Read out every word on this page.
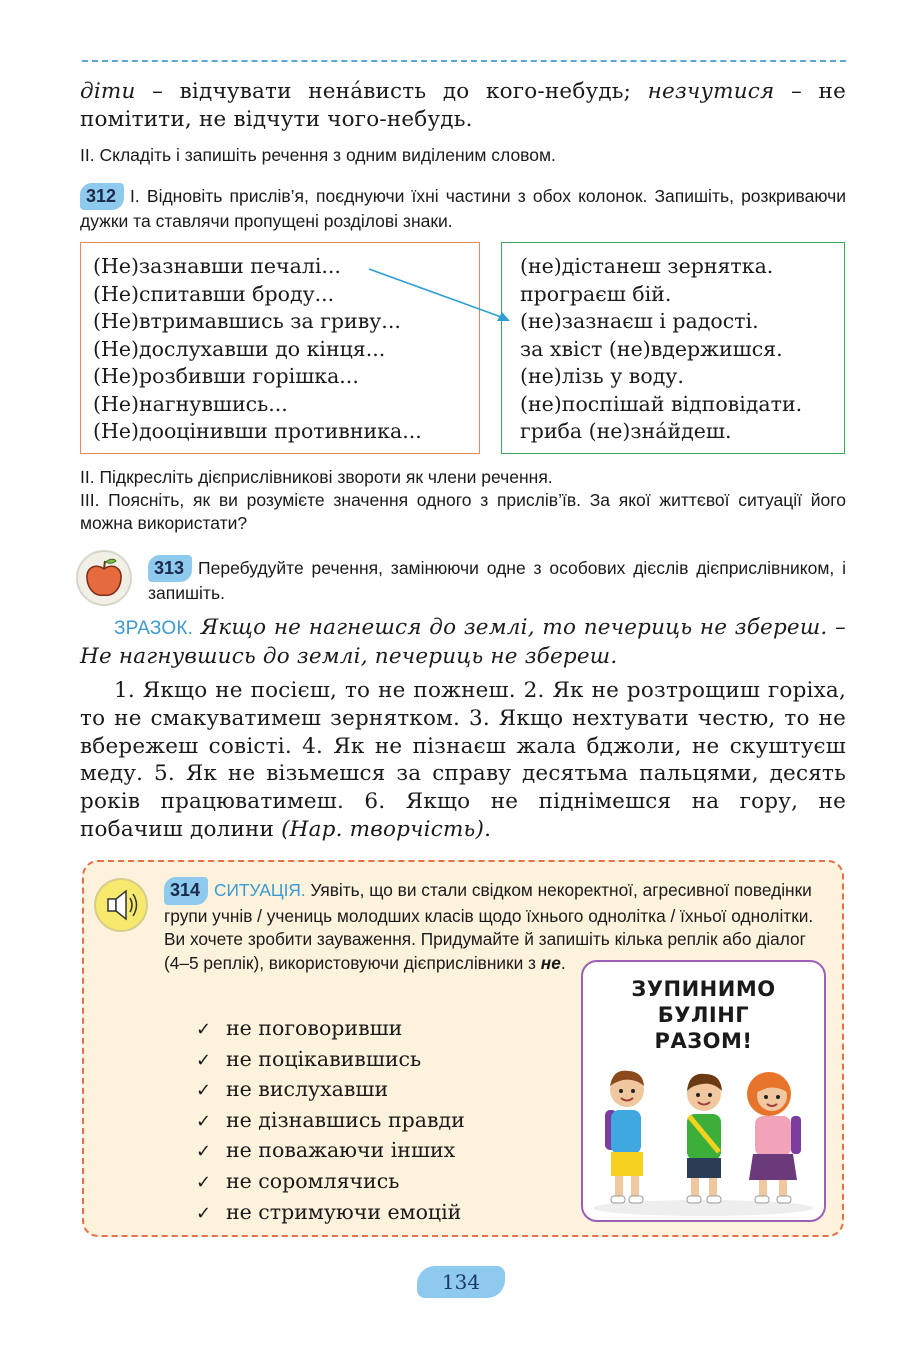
діти – відчувати нена́висть до кого-небудь; незчутися – не помітити, не відчути чого-небудь.
II. Складіть і запишіть речення з одним виділеним словом.
312 I. Відновіть прислів’я, поєднуючи їхні частини з обох колонок. Запишіть, розкриваючи дужки та ставлячи пропущені розділові знаки.
(Не)зазнавши печалі...
(Не)спитавши броду...
(Не)втримавшись за гриву...
(Не)дослухавши до кінця...
(Не)розбивши горішка...
(Не)нагнувшись...
(Не)дооцінивши противника...
(не)дістанеш зернятка.
програєш бій.
(не)зазнаєш і радості.
за хвіст (не)вдержишся.
(не)лізь у воду.
(не)поспішай відповідати.
гриба (не)зна́йдеш.
II. Підкресліть дієприслівникові звороти як члени речення.
III. Поясніть, як ви розумієте значення одного з прислів’їв. За якої життєвої ситуації його можна використати?
313 Перебудуйте речення, замінюючи одне з особових дієслів дієприслівником, і запишіть.
ЗРАЗОК. Якщо не нагнешся до землі, то печериць не збереш. – Не нагнувшись до землі, печериць не збереш.
1. Якщо не посієш, то не пожнеш. 2. Як не розтрощиш горіха, то не смакуватимеш зернятком. 3. Якщо нехтувати честю, то не вбережеш совісті. 4. Як не пізнаєш жала бджоли, не скуштуєш меду. 5. Як не візьмешся за справу десятьма пальцями, десять років працюватимеш. 6. Якщо не піднімешся на гору, не побачиш долини (Нар. творчість).
314 СИТУАЦІЯ. Уявіть, що ви стали свідком некоректної, агресивної поведінки групи учнів / учениць молодших класів щодо їхнього однолітка / їхньої однолітки. Ви хочете зробити зауваження. Придумайте й запишіть кілька реплік або діалог (4–5 реплік), використовуючи дієприслівники з не.
✓ не поговоривши
✓ не поцікавившись
✓ не вислухавши
✓ не дізнавшись правди
✓ не поважаючи інших
✓ не соромлячись
✓ не стримуючи емоцій
ЗУПИНИМО
БУЛІНГ
РАЗОМ!
134
